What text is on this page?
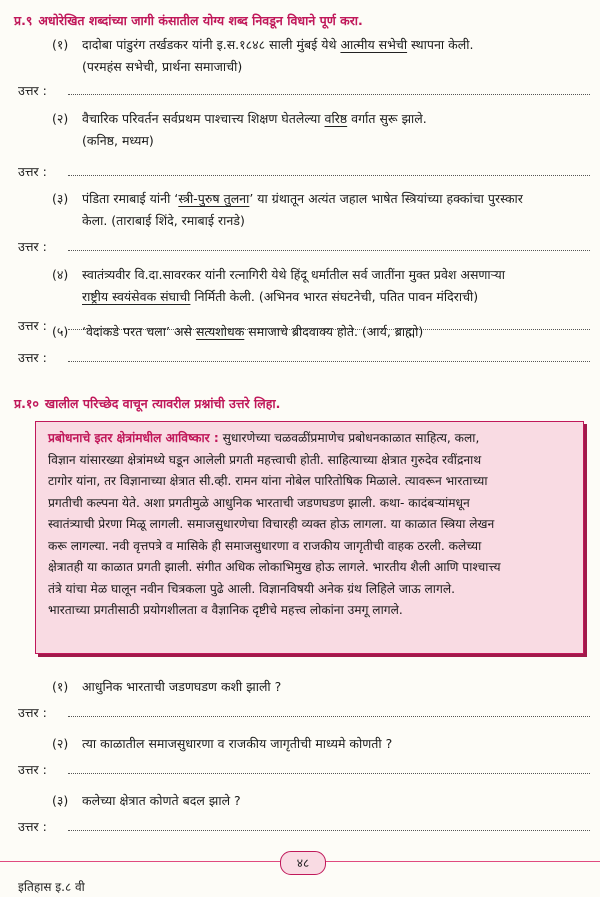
प्र.९ अधोरेखित शब्दांच्या जागी कंसातील योग्य शब्द निवडून विधाने पूर्ण करा.
(१) दादोबा पांडुरंग तर्खडकर यांनी इ.स.१८४८ साली मुंबई येथे आत्मीय सभेची स्थापना केली.
(परमहंस सभेची, प्रार्थना समाजाची)
उत्तर :
(२) वैचारिक परिवर्तन सर्वप्रथम पाश्चात्त्य शिक्षण घेतलेल्या वरिष्ठ वर्गात सुरू झाले.
(कनिष्ठ, मध्यम)
उत्तर :
(३) पंडिता रमाबाई यांनी ‘स्त्री-पुरुष तुलना’ या ग्रंथातून अत्यंत जहाल भाषेत स्त्रियांच्या हक्कांचा पुरस्कार
केला. (ताराबाई शिंदे, रमाबाई रानडे)
उत्तर :
(४) स्वातंत्र्यवीर वि.दा.सावरकर यांनी रत्नागिरी येथे हिंदू धर्मातील सर्व जातींना मुक्त प्रवेश असणाऱ्या
राष्ट्रीय स्वयंसेवक संघाची निर्मिती केली. (अभिनव भारत संघटनेची, पतित पावन मंदिराची)
उत्तर : (५) ‘वेदांकडे परत चला’ असे सत्यशोधक समाजाचे ब्रीदवाक्य होते. (आर्य, ब्राह्मो)
उत्तर :
प्र.१० खालील परिच्छेद वाचून त्यावरील प्रश्नांची उत्तरे लिहा.
प्रबोधनाचे इतर क्षेत्रांमधील आविष्कार : सुधारणेच्या चळवळींप्रमाणेच प्रबोधनकाळात साहित्य, कला,
विज्ञान यांसारख्या क्षेत्रांमध्ये घडून आलेली प्रगती महत्त्वाची होती. साहित्याच्या क्षेत्रात गुरुदेव रवींद्रनाथ
टागोर यांना, तर विज्ञानाच्या क्षेत्रात सी.व्ही. रामन यांना नोबेल पारितोषिक मिळाले. त्यावरून भारताच्या
प्रगतीची कल्पना येते. अशा प्रगतीमुळे आधुनिक भारताची जडणघडण झाली. कथा- कादंबऱ्यांमधून
स्वातंत्र्याची प्रेरणा मिळू लागली. समाजसुधारणेचा विचारही व्यक्त होऊ लागला. या काळात स्त्रिया लेखन
करू लागल्या. नवी वृत्तपत्रे व मासिके ही समाजसुधारणा व राजकीय जागृतीची वाहक ठरली. कलेच्या
क्षेत्रातही या काळात प्रगती झाली. संगीत अधिक लोकाभिमुख होऊ लागले. भारतीय शैली आणि पाश्चात्त्य
तंत्रे यांचा मेळ घालून नवीन चित्रकला पुढे आली. विज्ञानविषयी अनेक ग्रंथ लिहिले जाऊ लागले.
भारताच्या प्रगतीसाठी प्रयोगशीलता व वैज्ञानिक दृष्टीचे महत्त्व लोकांना उमगू लागले.
(१) आधुनिक भारताची जडणघडण कशी झाली ?
उत्तर :
(२) त्या काळातील समाजसुधारणा व राजकीय जागृतीची माध्यमे कोणती ?
उत्तर :
(३) कलेच्या क्षेत्रात कोणते बदल झाले ?
उत्तर :
४८
इतिहास इ.८ वी
